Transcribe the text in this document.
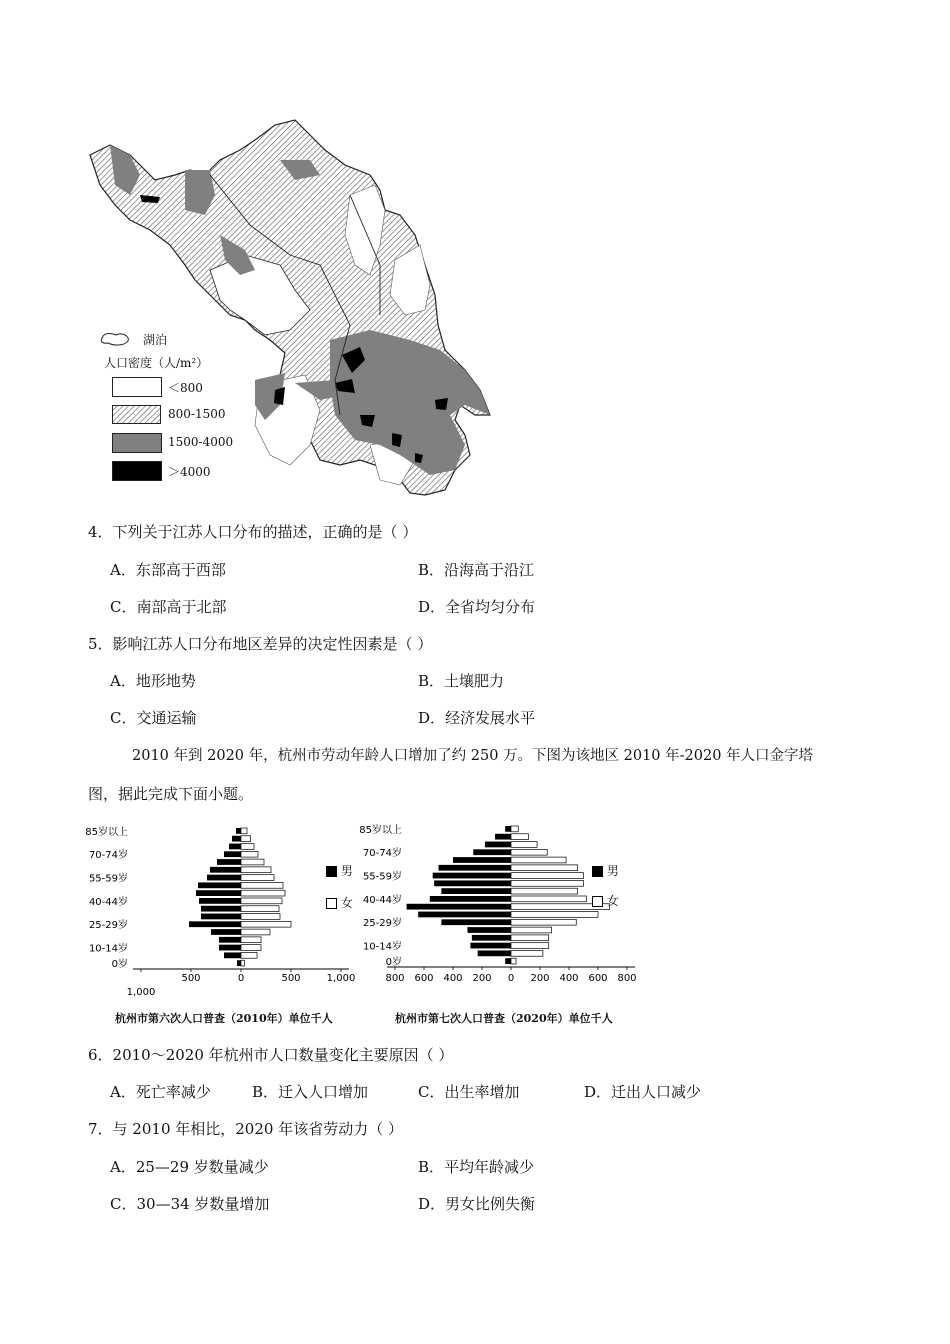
湖泊
人口密度（人/m²）
＜800
800-1500
1500-4000
＞4000
4．下列关于江苏人口分布的描述，正确的是（ ）
A．东部高于西部	B．沿海高于沿江
C．南部高于北部	D．全省均匀分布
5．影响江苏人口分布地区差异的决定性因素是（ ）
A．地形地势	B．土壤肥力
C．交通运输	D．经济发展水平
2010 年到 2020 年，杭州市劳动年龄人口增加了约 250 万。下图为该地区 2010 年-2020 年人口金字塔
图，据此完成下面小题。
1,000
500	0	500	1,000
0岁
10-14岁
25-29岁
40-44岁
55-59岁
70-74岁
85岁以上
男
女
杭州市第六次人口普查（2010年）单位千人
800 600 400 200 0 200 400 600 800
0岁
10-14岁
25-29岁
40-44岁
55-59岁
70-74岁
85岁以上
男
女
杭州市第七次人口普查（2020年）单位千人
6．2010～2020 年杭州市人口数量变化主要原因（ ）
A．死亡率减少	B．迁入人口增加	C．出生率增加	D．迁出人口减少
7．与 2010 年相比，2020 年该省劳动力（ ）
A．25—29 岁数量减少	B．平均年龄减少
C．30—34 岁数量增加	D．男女比例失衡
